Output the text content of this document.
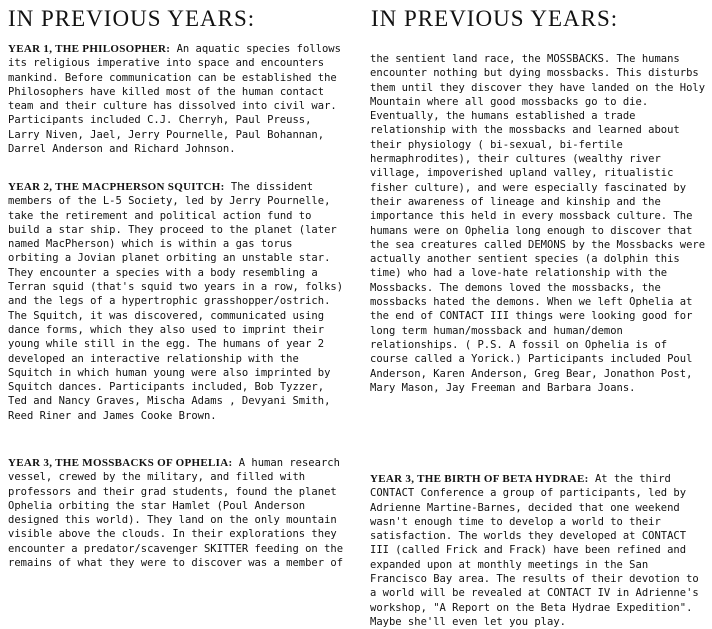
IN PREVIOUS YEARS:

YEAR 1, THE PHILOSOPHER: An aquatic species follows its religious imperative into space and encounters mankind. Before communication can be established the Philosophers have killed most of the human contact team and their culture has dissolved into civil war. Participants included C.J. Cherryh, Paul Preuss, Larry Niven, Jael, Jerry Pournelle, Paul Bohannan, Darrel Anderson and Richard Johnson.

YEAR 2, THE MACPHERSON SQUITCH: The dissident members of the L-5 Society, led by Jerry Pournelle, take the retirement and political action fund to build a star ship. They proceed to the planet (later named MacPherson) which is within a gas torus orbiting a Jovian planet orbiting an unstable star. They encounter a species with a body resembling a Terran squid (that's squid two years in a row, folks) and the legs of a hypertrophic grasshopper/ostrich. The Squitch, it was discovered, communicated using dance forms, which they also used to imprint their young while still in the egg. The humans of year 2 developed an interactive relationship with the Squitch in which human young were also imprinted by Squitch dances. Participants included, Bob Tyzzer, Ted and Nancy Graves, Mischa Adams , Devyani Smith, Reed Riner and James Cooke Brown.

YEAR 3, THE MOSSBACKS OF OPHELIA: A human research vessel, crewed by the military, and filled with professors and their grad students, found the planet Ophelia orbiting the star Hamlet (Poul Anderson designed this world). They land on the only mountain visible above the clouds. In their explorations they encounter a predator/scavenger SKITTER feeding on the remains of what they were to discover was a member of

IN PREVIOUS YEARS:

the sentient land race, the MOSSBACKS. The humans encounter nothing but dying mossbacks. This disturbs them until they discover they have landed on the Holy Mountain where all good mossbacks go to die. Eventually, the humans established a trade relationship with the mossbacks and learned about their physiology ( bi-sexual, bi-fertile hermaphrodites), their cultures (wealthy river village, impoverished upland valley, ritualistic fisher culture), and were especially fascinated by their awareness of lineage and kinship and the importance this held in every mossback culture. The humans were on Ophelia long enough to discover that the sea creatures called DEMONS by the Mossbacks were actually another sentient species (a dolphin this time) who had a love-hate relationship with the Mossbacks. The demons loved the mossbacks, the mossbacks hated the demons. When we left Ophelia at the end of CONTACT III things were looking good for long term human/mossback and human/demon relationships. ( P.S. A fossil on Ophelia is of course called a Yorick.) Participants included Poul Anderson, Karen Anderson, Greg Bear, Jonathon Post, Mary Mason, Jay Freeman and Barbara Joans.

YEAR 3, THE BIRTH OF BETA HYDRAE: At the third CONTACT Conference a group of participants, led by Adrienne Martine-Barnes, decided that one weekend wasn't enough time to develop a world to their satisfaction. The worlds they developed at CONTACT III (called Frick and Frack) have been refined and expanded upon at monthly meetings in the San Francisco Bay area. The results of their devotion to a world will be revealed at CONTACT IV in Adrienne's workshop, "A Report on the Beta Hydrae Expedition". Maybe she'll even let you play.
